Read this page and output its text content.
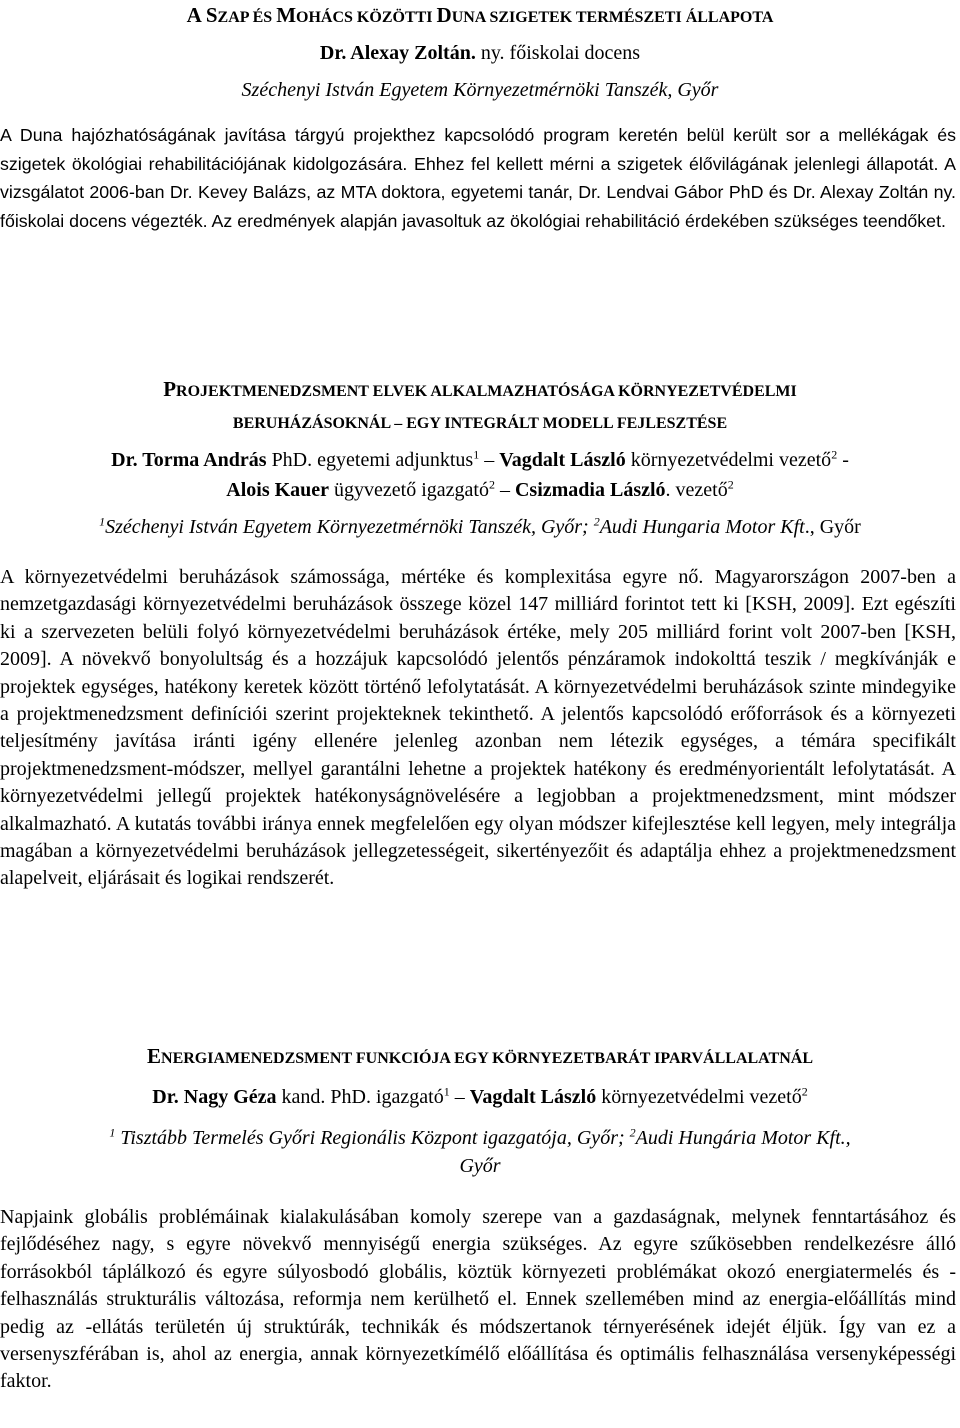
A SZAP ÉS MOHÁCS KÖZÖTTI DUNA SZIGETEK TERMÉSZETI ÁLLAPOTA
Dr. Alexay Zoltán. ny. főiskolai docens
Széchenyi István Egyetem Környezetmérnöki Tanszék, Győr
A Duna hajózhatóságának javítása tárgyú projekthez kapcsolódó program keretén belül került sor a mellékágak és szigetek ökológiai rehabilitációjának kidolgozására. Ehhez fel kellett mérni a szigetek élővilágának jelenlegi állapotát. A vizsgálatot 2006-ban Dr. Kevey Balázs, az MTA doktora, egyetemi tanár, Dr. Lendvai Gábor PhD és Dr. Alexay Zoltán ny. főiskolai docens végezték. Az eredmények alapján javasoltuk az ökológiai rehabilitáció érdekében szükséges teendőket.
PROJEKTMENEDZSMENT ELVEK ALKALMAZHATÓSÁGA KÖRNYEZETVÉDELMI
BERUHÁZÁSOKNÁL – EGY INTEGRÁLT MODELL FEJLESZTÉSE
Dr. Torma András PhD. egyetemi adjunktus$^1$ – Vagdalt László környezetvédelmi vezető$^2$ -
Alois Kauer ügyvezető igazgató$^2$ – Csizmadia László. vezető$^2$
$^1$Széchenyi István Egyetem Környezetmérnöki Tanszék, Győr; $^2$Audi Hungaria Motor Kft., Győr
A környezetvédelmi beruházások számossága, mértéke és komplexitása egyre nő. Magyarországon 2007-ben a nemzetgazdasági környezetvédelmi beruházások összege közel 147 milliárd forintot tett ki [KSH, 2009]. Ezt egészíti ki a szervezeten belüli folyó környezetvédelmi beruházások értéke, mely 205 milliárd forint volt 2007-ben [KSH, 2009]. A növekvő bonyolultság és a hozzájuk kapcsolódó jelentős pénzáramok indokolttá teszik / megkívánják e projektek egységes, hatékony keretek között történő lefolytatását. A környezetvédelmi beruházások szinte mindegyike a projektmenedzsment definíciói szerint projekteknek tekinthető. A jelentős kapcsolódó erőforrások és a környezeti teljesítmény javítása iránti igény ellenére jelenleg azonban nem létezik egységes, a témára specifikált projektmenedzsment-módszer, mellyel garantálni lehetne a projektek hatékony és eredményorientált lefolytatását. A környezetvédelmi jellegű projektek hatékonyságnövelésére a legjobban a projektmenedzsment, mint módszer alkalmazható. A kutatás további iránya ennek megfelelően egy olyan módszer kifejlesztése kell legyen, mely integrálja magában a környezetvédelmi beruházások jellegzetességeit, sikertényezőit és adaptálja ehhez a projektmenedzsment alapelveit, eljárásait és logikai rendszerét.
ENERGIAMENEDZSMENT FUNKCIÓJA EGY KÖRNYEZETBARÁT IPARVÁLLALATNÁL
Dr. Nagy Géza kand. PhD. igazgató$^1$ – Vagdalt László környezetvédelmi vezető$^2$
$^1$ Tisztább Termelés Győri Regionális Központ igazgatója, Győr; $^2$Audi Hungária Motor Kft.,
Győr
Napjaink globális problémáinak kialakulásában komoly szerepe van a gazdaságnak, melynek fenntartásához és fejlődéséhez nagy, s egyre növekvő mennyiségű energia szükséges. Az egyre szűkösebben rendelkezésre álló forrásokból táplálkozó és egyre súlyosbodó globális, köztük környezeti problémákat okozó energiatermelés és -felhasználás strukturális változása, reformja nem kerülhető el. Ennek szellemében mind az energia-előállítás mind pedig az -ellátás területén új struktúrák, technikák és módszertanok térnyerésének idejét éljük. Így van ez a versenyszférában is, ahol az energia, annak környezetkímélő előállítása és optimális felhasználása versenyképességi faktor.
